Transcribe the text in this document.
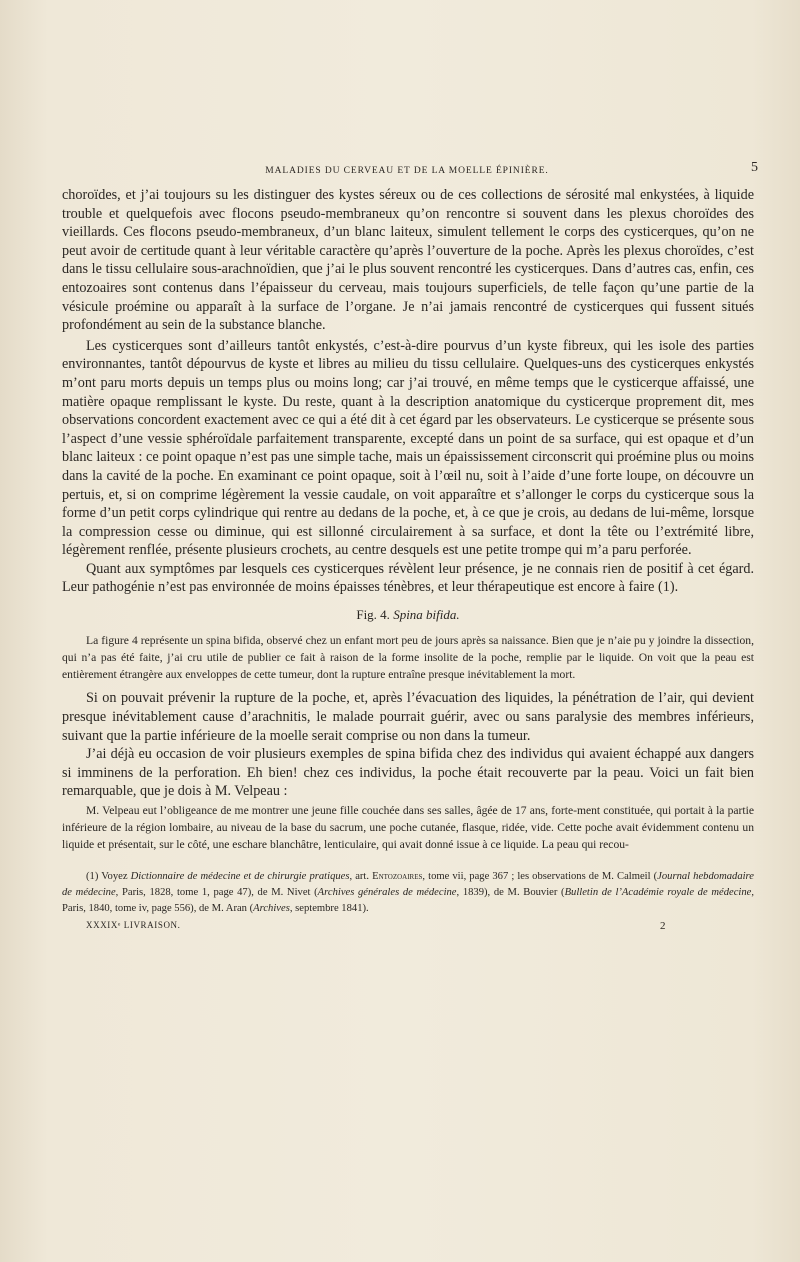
MALADIES DU CERVEAU ET DE LA MOELLE ÉPINIÈRE.	5

choroïdes, et j’ai toujours su les distinguer des kystes séreux ou de ces collections de sérosité mal enkystées, à liquide trouble et quelquefois avec flocons pseudo-membraneux qu’on rencontre si souvent dans les plexus choroïdes des vieillards. Ces flocons pseudo-membraneux, d’un blanc laiteux, simulent tellement le corps des cysticerques, qu’on ne peut avoir de certitude quant à leur véritable caractère qu’après l’ouverture de la poche. Après les plexus choroïdes, c’est dans le tissu cellulaire sous-arachnoïdien, que j’ai le plus souvent rencontré les cysticerques. Dans d’autres cas, enfin, ces entozoaires sont contenus dans l’épaisseur du cerveau, mais toujours superficiels, de telle façon qu’une partie de la vésicule proémine ou apparaît à la surface de l’organe. Je n’ai jamais rencontré de cysticerques qui fussent situés profondément au sein de la substance blanche.

Les cysticerques sont d’ailleurs tantôt enkystés, c’est-à-dire pourvus d’un kyste fibreux, qui les isole des parties environnantes, tantôt dépourvus de kyste et libres au milieu du tissu cellulaire. Quelques-uns des cysticerques enkystés m’ont paru morts depuis un temps plus ou moins long; car j’ai trouvé, en même temps que le cysticerque affaissé, une matière opaque remplissant le kyste. Du reste, quant à la description anatomique du cysticerque proprement dit, mes observations concordent exactement avec ce qui a été dit à cet égard par les observateurs. Le cysticerque se présente sous l’aspect d’une vessie sphéroïdale parfaitement transparente, excepté dans un point de sa surface, qui est opaque et d’un blanc laiteux : ce point opaque n’est pas une simple tache, mais un épaississement circonscrit qui proémine plus ou moins dans la cavité de la poche. En examinant ce point opaque, soit à l’œil nu, soit à l’aide d’une forte loupe, on découvre un pertuis, et, si on comprime légèrement la vessie caudale, on voit apparaître et s’allonger le corps du cysticerque sous la forme d’un petit corps cylindrique qui rentre au dedans de la poche, et, à ce que je crois, au dedans de lui-même, lorsque la compression cesse ou diminue, qui est sillonné circulairement à sa surface, et dont la tête ou l’extrémité libre, légèrement renflée, présente plusieurs crochets, au centre desquels est une petite trompe qui m’a paru perforée.

Quant aux symptômes par lesquels ces cysticerques révèlent leur présence, je ne connais rien de positif à cet égard. Leur pathogénie n’est pas environnée de moins épaisses ténèbres, et leur thérapeutique est encore à faire (1).

Fig. 4. Spina bifida.

La figure 4 représente un spina bifida, observé chez un enfant mort peu de jours après sa naissance. Bien que je n’aie pu y joindre la dissection, qui n’a pas été faite, j’ai cru utile de publier ce fait à raison de la forme insolite de la poche, remplie par le liquide. On voit que la peau est entièrement étrangère aux enveloppes de cette tumeur, dont la rupture entraîne presque inévitablement la mort.

Si on pouvait prévenir la rupture de la poche, et, après l’évacuation des liquides, la pénétration de l’air, qui devient presque inévitablement cause d’arachnitis, le malade pourrait guérir, avec ou sans paralysie des membres inférieurs, suivant que la partie inférieure de la moelle serait comprise ou non dans la tumeur.

J’ai déjà eu occasion de voir plusieurs exemples de spina bifida chez des individus qui avaient échappé aux dangers si imminens de la perforation. Eh bien! chez ces individus, la poche était recouverte par la peau. Voici un fait bien remarquable, que je dois à M. Velpeau :

M. Velpeau eut l’obligeance de me montrer une jeune fille couchée dans ses salles, âgée de 17 ans, forte-ment constituée, qui portait à la partie inférieure de la région lombaire, au niveau de la base du sacrum, une poche cutanée, flasque, ridée, vide. Cette poche avait évidemment contenu un liquide et présentait, sur le côté, une eschare blanchâtre, lenticulaire, qui avait donné issue à ce liquide. La peau qui recou-

(1) Voyez Dictionnaire de médecine et de chirurgie pratiques, art. Entozoaires, tome vii, page 367 ; les observations de M. Calmeil (Journal hebdomadaire de médecine, Paris, 1828, tome 1, page 47), de M. Nivet (Archives générales de médecine, 1839), de M. Bouvier (Bulletin de l’Académie royale de médecine, Paris, 1840, tome iv, page 556), de M. Aran (Archives, septembre 1841).

XXXIXᵉ LIVRAISON.	2
